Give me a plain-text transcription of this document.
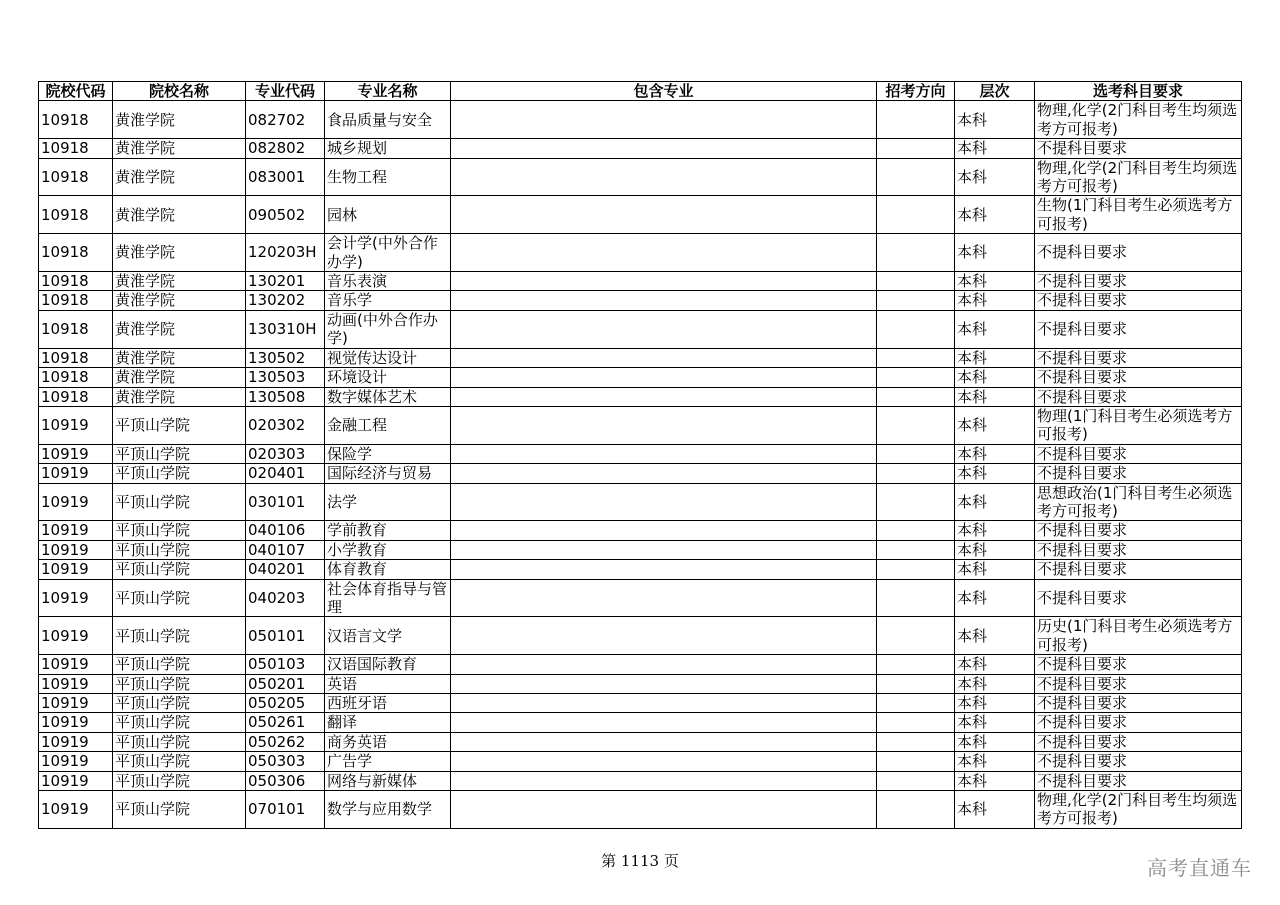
院校代码	院校名称	专业代码	专业名称	包含专业	招考方向	层次	选考科目要求
10918	黄淮学院	082702	食品质量与安全			本科	物理,化学(2门科目考生均须选考方可报考)
10918	黄淮学院	082802	城乡规划			本科	不提科目要求
10918	黄淮学院	083001	生物工程			本科	物理,化学(2门科目考生均须选考方可报考)
10918	黄淮学院	090502	园林			本科	生物(1门科目考生必须选考方可报考)
10918	黄淮学院	120203H	会计学(中外合作办学)			本科	不提科目要求
10918	黄淮学院	130201	音乐表演			本科	不提科目要求
10918	黄淮学院	130202	音乐学			本科	不提科目要求
10918	黄淮学院	130310H	动画(中外合作办学)			本科	不提科目要求
10918	黄淮学院	130502	视觉传达设计			本科	不提科目要求
10918	黄淮学院	130503	环境设计			本科	不提科目要求
10918	黄淮学院	130508	数字媒体艺术			本科	不提科目要求
10919	平顶山学院	020302	金融工程			本科	物理(1门科目考生必须选考方可报考)
10919	平顶山学院	020303	保险学			本科	不提科目要求
10919	平顶山学院	020401	国际经济与贸易			本科	不提科目要求
10919	平顶山学院	030101	法学			本科	思想政治(1门科目考生必须选考方可报考)
10919	平顶山学院	040106	学前教育			本科	不提科目要求
10919	平顶山学院	040107	小学教育			本科	不提科目要求
10919	平顶山学院	040201	体育教育			本科	不提科目要求
10919	平顶山学院	040203	社会体育指导与管理			本科	不提科目要求
10919	平顶山学院	050101	汉语言文学			本科	历史(1门科目考生必须选考方可报考)
10919	平顶山学院	050103	汉语国际教育			本科	不提科目要求
10919	平顶山学院	050201	英语			本科	不提科目要求
10919	平顶山学院	050205	西班牙语			本科	不提科目要求
10919	平顶山学院	050261	翻译			本科	不提科目要求
10919	平顶山学院	050262	商务英语			本科	不提科目要求
10919	平顶山学院	050303	广告学			本科	不提科目要求
10919	平顶山学院	050306	网络与新媒体			本科	不提科目要求
10919	平顶山学院	070101	数学与应用数学			本科	物理,化学(2门科目考生均须选考方可报考)
第 1113 页	高考直通车
